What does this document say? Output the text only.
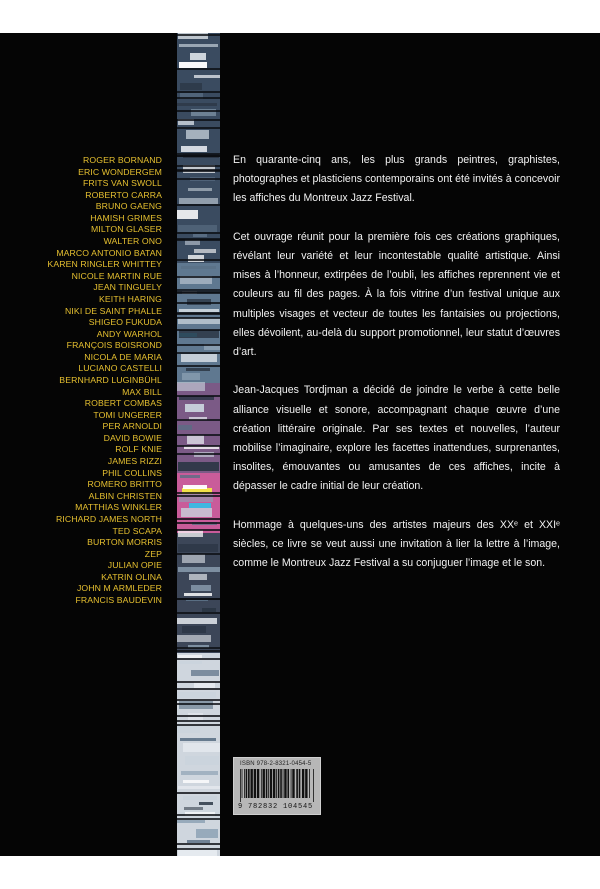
ROGER BORNAND
ERIC WONDERGEM
FRITS VAN SWOLL
ROBERTO CARRA
BRUNO GAENG
HAMISH GRIMES
MILTON GLASER
WALTER ONO
MARCO ANTONIO BATAN
KAREN RINGLER WHITTEY
NICOLE MARTIN RUE
JEAN TINGUELY
KEITH HARING
NIKI DE SAINT PHALLE
SHIGEO FUKUDA
ANDY WARHOL
FRANÇOIS BOISROND
NICOLA DE MARIA
LUCIANO CASTELLI
BERNHARD LUGINBÜHL
MAX BILL
ROBERT COMBAS
TOMI UNGERER
PER ARNOLDI
DAVID BOWIE
ROLF KNIE
JAMES RIZZI
PHIL COLLINS
ROMERO BRITTO
ALBIN CHRISTEN
MATTHIAS WINKLER
RICHARD JAMES NORTH
TED SCAPA
BURTON MORRIS
ZEP
JULIAN OPIE
KATRIN OLINA
JOHN M ARMLEDER
FRANCIS BAUDEVIN

En quarante-cinq ans, les plus grands peintres, graphistes, photographes et plasticiens contemporains ont été invités à concevoir les affiches du Montreux Jazz Festival.

Cet ouvrage réunit pour la première fois ces créations graphiques, révélant leur variété et leur incontestable qualité artistique. Ainsi mises à l’honneur, extirpées de l’oubli, les affiches reprennent vie et couleurs au fil des pages. À la fois vitrine d’un festival unique aux multiples visages et vecteur de toutes les fantaisies ou projections, elles dévoilent, au-delà du support promotionnel, leur statut d’œuvres d’art.

Jean-Jacques Tordjman a décidé de joindre le verbe à cette belle alliance visuelle et sonore, accompagnant chaque œuvre d’une création littéraire originale. Par ses textes et nouvelles, l’auteur mobilise l’imaginaire, explore les facettes inattendues, surprenantes, insolites, émouvantes ou amusantes de ces affiches, incite à dépasser le cadre initial de leur création.

Hommage à quelques-uns des artistes majeurs des XXᵉ et XXIᵉ siècles, ce livre se veut aussi une invitation à lier la lettre à l’image, comme le Montreux Jazz Festival a su conjuguer l’image et le son.

ISBN 978-2-8321-0454-5
9 782832 104545
